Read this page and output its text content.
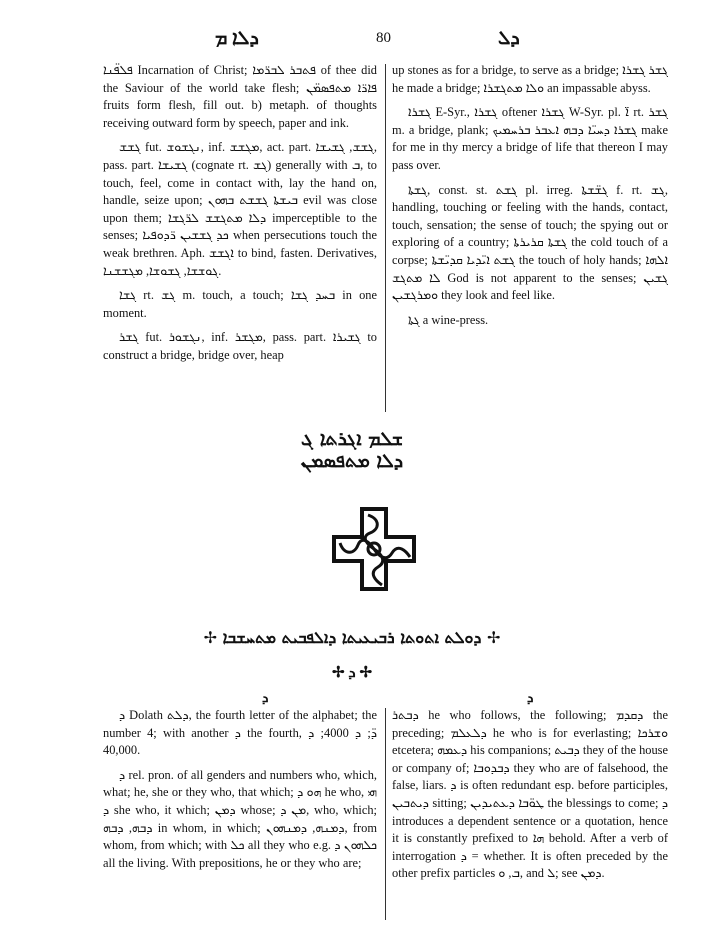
ܕܠܐ ܡ	80	ܕܠ

ܦܠܦ̈ܢܐ Incarnation of Christ; ܦܬܒܪ ܠܒܪ̈ܡܐ of thee did the Saviour of the world take flesh; ܦܐܪ̈ܐ ܡܬܦܣܡ̈ܢ fruits form flesh, fill out. b) metaph. of thoughts receiving outward form by speech, paper and ink.

ܓܫܫ fut. ܢܓܫܘܫ, inf. ܡܓܫܫ, act. part. ܓܫܫ, ܓܫܝܫܐ, pass. part. ܓܫܝܫܐ (cognate rt. ܓܫ) generally with ܒ, to touch, feel, come in contact with, lay the hand on, handle, seize upon; ܒܝܫܬܐ ܓܫܫܬ ܒܗܘܢ evil was close upon them; ܕܠܐ ܡܬܓܫܫ ܠܪ̈ܓܫܐ imperceptible to the senses; ܟܕ ܓܫܫܝܢ ܪ̈ܕܘܦܝܐ when persecutions touch the weak brethren. Aph. ܐܓܫܫ to bind, fasten. Derivatives, ܓܘܫܫܐ, ܓܫܘܫܐ, ܡܓܫܫܢܐ.

ܓܫܐ rt. ܓܫ m. touch, a touch; ܒܚܕ ܓܫܐ in one moment.

ܓܫܪ fut. ܢܓܫܘܪ, inf. ܡܓܫܪ, pass. part. ܓܫܝܪܐ to construct a bridge, bridge over, heap

up stones as for a bridge, to serve as a bridge; ܓܫܪ ܓܫܪܐ he made a bridge; ܘܠܐ ܡܬܓܫܪܐ an impassable abyss.

ܓܫܪܐ E-Syr., ܓܫܪܐ oftener ܓܫܪܐ W-Syr. pl. ܐ̈ rt. ܓܫܪ m. a bridge, plank; ܓܫܪܐ ܕܚܝ̈ܐ ܕܒܗ ܐܥܒܪ ܒܪܚܡܝܟ make for me in thy mercy a bridge of life that thereon I may pass over.

ܓܫܬܐ, const. st. ܓܫܬ pl. irreg. ܓܫ̈ܫܬܐ f. rt. ܓܫ, handling, touching or feeling with the hands, contact, touch, sensation; the sense of touch; the spying out or exploring of a country; ܓܫܬܐ ܩܪܝܪܬܐ the cold touch of a corpse; ܓܫܬ ܐܝ̈ܕܝܐ ܩܕܝ̈ܫܬܐ the touch of holy hands; ܐܠܗܐ ܠܐ ܡܬܓܫ God is not apparent to the senses; ܓܫܝܢ ܘܡܪܓܫܝܢ they look and feel like.

ܓܬܐ a wine-press.

ܫܠܡ ܐܓܪܬܐ ܓ
ܕܠܐ ܡܬܦܣܡܢ
✢ ܕܘܠܬ ܐܬܘܬܐ ܪܒܝܥܝܬܐ ܕܐܠܦܒܝܬ ܡܬܚܫܒܐ ✢
✢ ܕ ✢
ܕ	ܕ

ܕ Dolath ܕܠܬ, the fourth letter of the alphabet; the number 4; with another ܕ the fourth, ܕ̈; ܕ 4000; ܕ 40,000.

ܕ rel. pron. of all genders and numbers who, which, what; he, she or they who, that which; ܗܘ ܕ he who, ܗܝ ܕ she who, it which; ܕܡܢ whose; ܡܢ ܕ, who, which; ܕܒܗ, ܕܒܗ in whom, in which; ܕܡܢܗ, ܕܡܢܗܘܢ, from whom, from which; with ܟܠ all they who e.g. ܟܠܗܘܢ ܕ all the living. With prepositions, he or they who are;

ܕܒܬܪ he who follows, the following; ܕܩܕܡ the preceding; ܕܠܥܠܡ he who is for everlasting; ܘܫܪܟܐ etcetera; ܕܥܡܗ his companions; ܕܒܝܬ they of the house or company of; ܕܒܕܘܒܐ they who are of falsehood, the false, liars. ܕ is often redundant esp. before participles, ܕܝܬܒܝܢ sitting; ܛܘ̈ܒܐ ܕܥܬܝܕܝܢ the blessings to come; ܕ introduces a dependent sentence or a quotation, hence it is constantly prefixed to ܗܐ behold. After a verb of interrogation ܕ = whether. It is often preceded by the other prefix particles ܒ, ܘ, and ܠ; see ܕܡܢ.
